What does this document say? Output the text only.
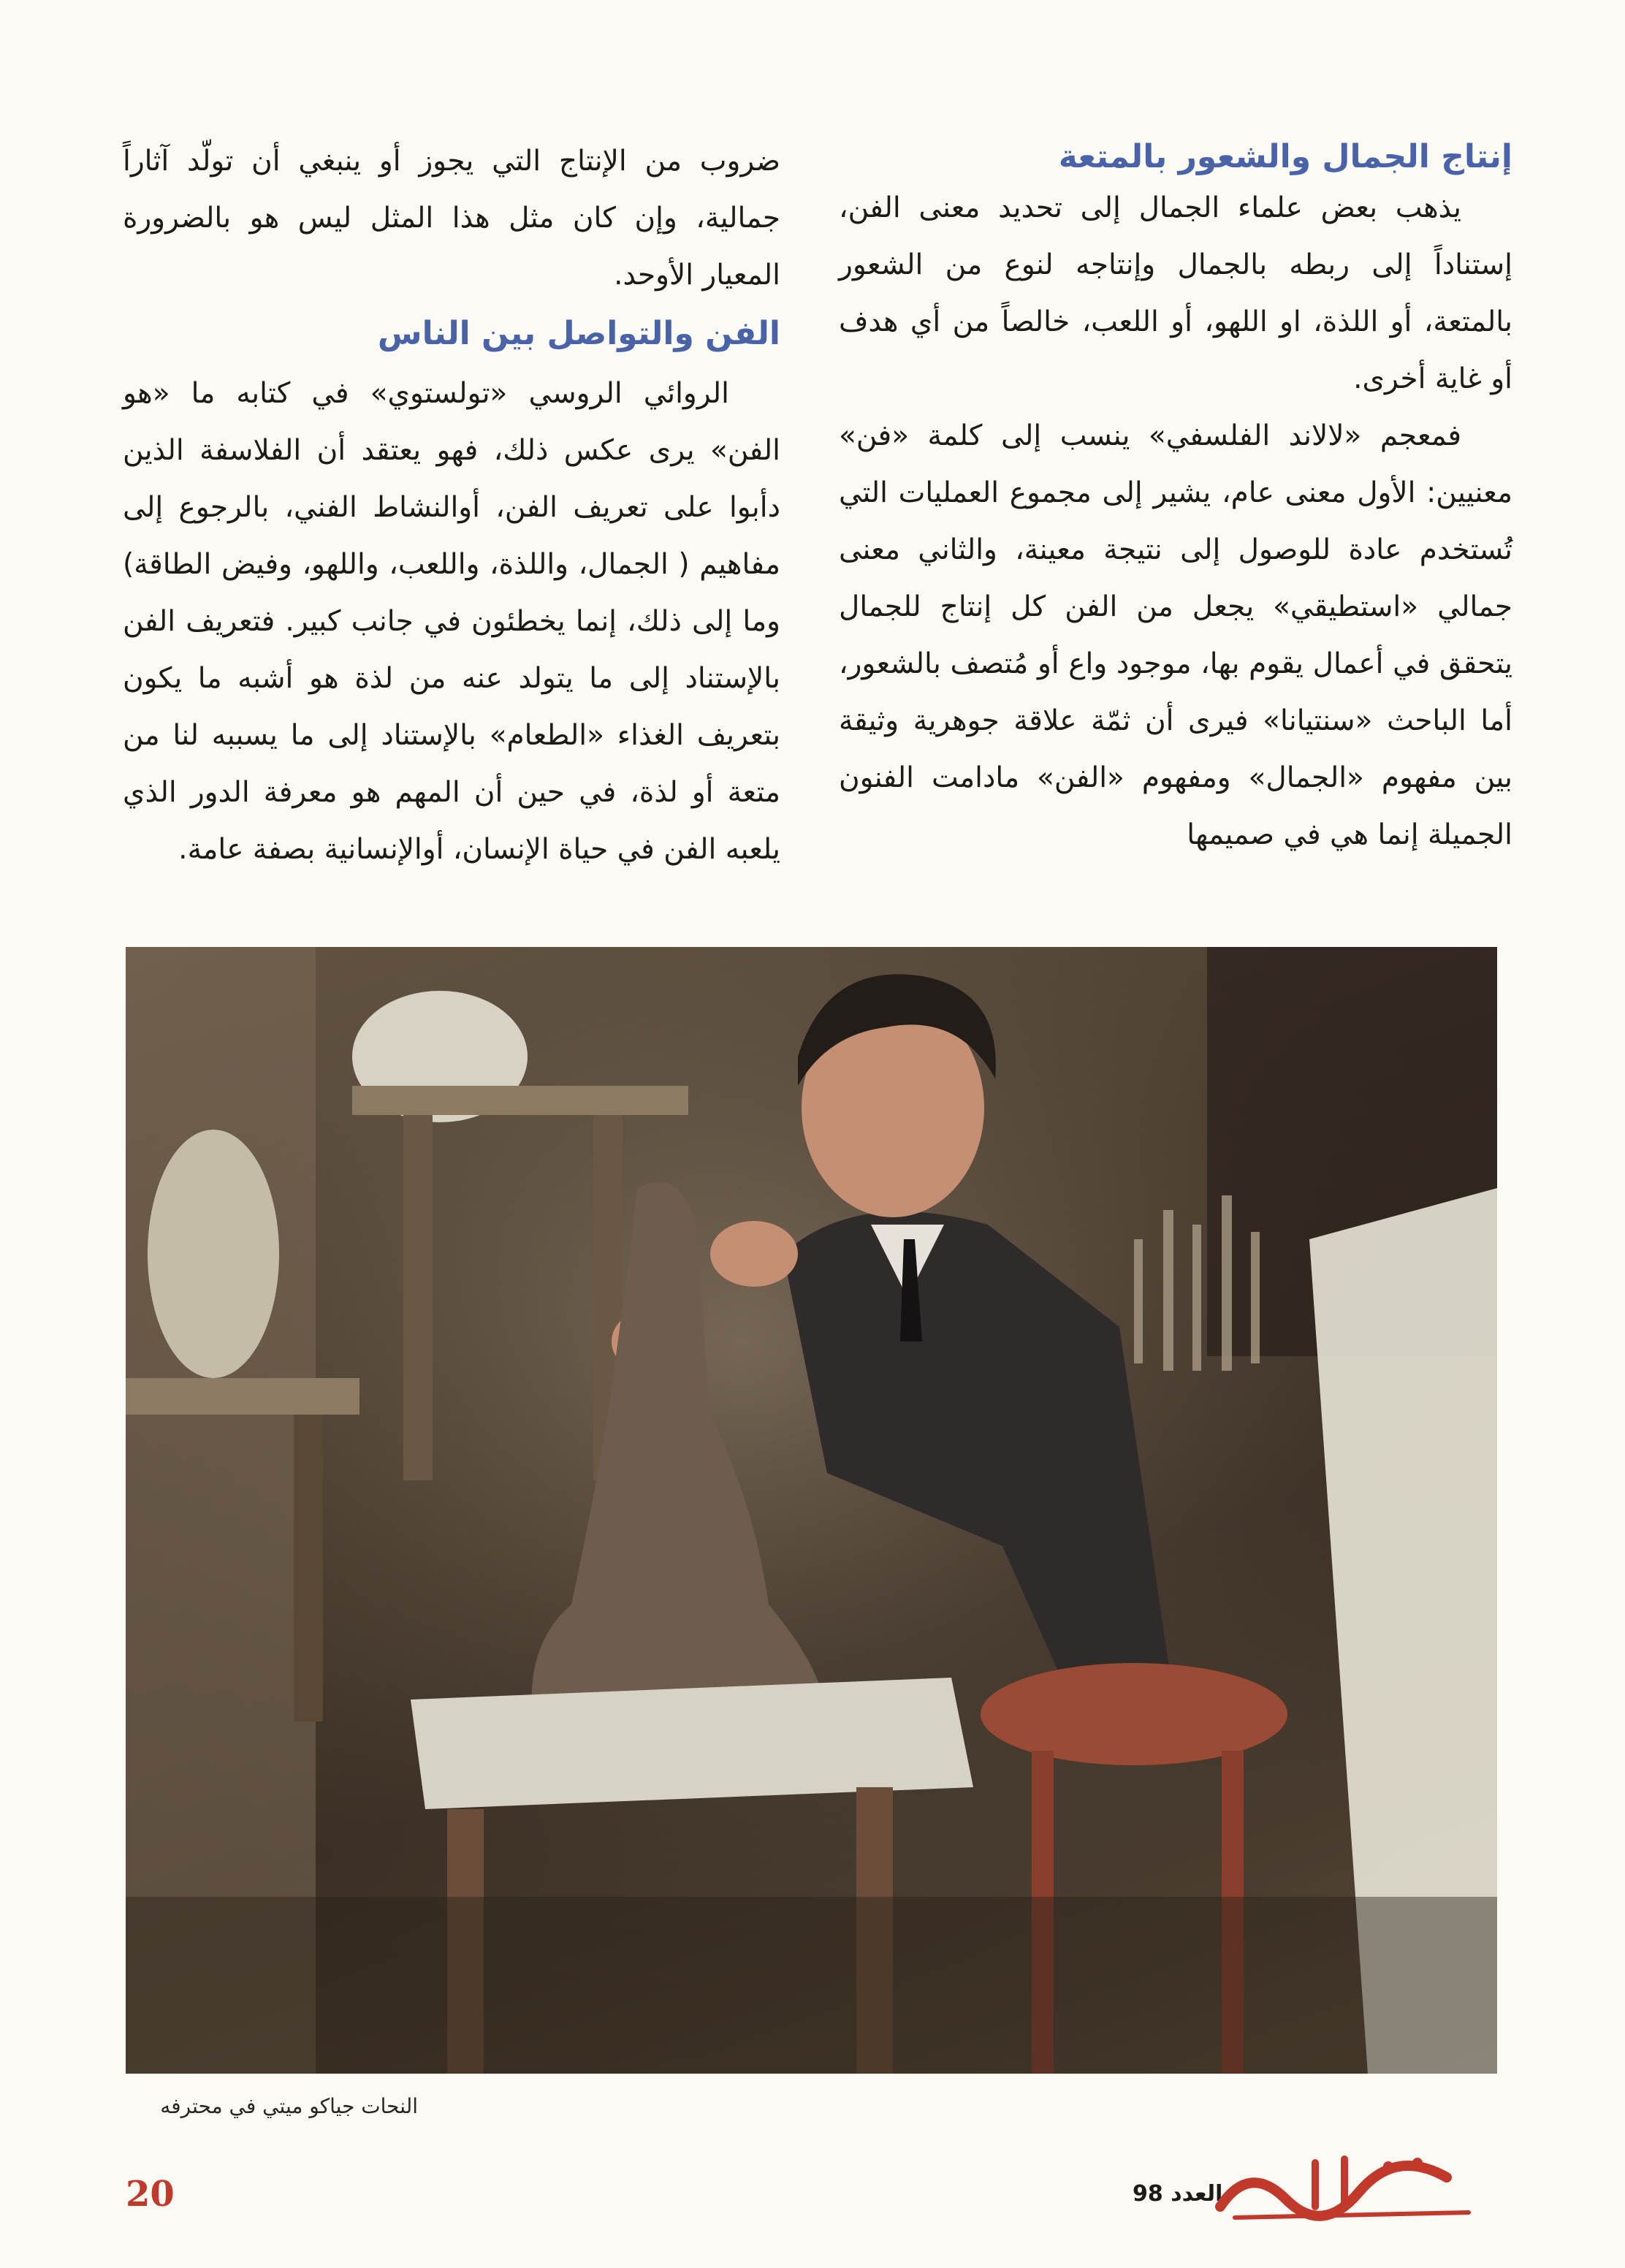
إنتاج الجمال والشعور بالمتعة

يذهب بعض علماء الجمال إلى تحديد معنى الفن، إستناداً إلى ربطه بالجمال وإنتاجه لنوع من الشعور بالمتعة، أو اللذة، او اللهو، أو اللعب، خالصاً من أي هدف أو غاية أخرى.

فمعجم «لالاند الفلسفي» ينسب إلى كلمة «فن» معنيين: الأول معنى عام، يشير إلى مجموع العمليات التي تُستخدم عادة للوصول إلى نتيجة معينة، والثاني معنى جمالي «استطيقي» يجعل من الفن كل إنتاج للجمال يتحقق في أعمال يقوم بها، موجود واع أو مُتصف بالشعور، أما الباحث «سنتيانا» فيرى أن ثمّة علاقة جوهرية وثيقة بين مفهوم «الجمال» ومفهوم «الفن» مادامت الفنون الجميلة إنما هي في صميمها

ضروب من الإنتاج التي يجوز أو ينبغي أن تولّد آثاراً جمالية، وإن كان مثل هذا المثل ليس هو بالضرورة المعيار الأوحد.

الفن والتواصل بين الناس

الروائي الروسي «تولستوي» في كتابه ما «هو الفن» يرى عكس ذلك، فهو يعتقد أن الفلاسفة الذين دأبوا على تعريف الفن، أوالنشاط الفني، بالرجوع إلى مفاهيم ( الجمال، واللذة، واللعب، واللهو، وفيض الطاقة) وما إلى ذلك، إنما يخطئون في جانب كبير. فتعريف الفن بالإستناد إلى ما يتولد عنه من لذة هو أشبه ما يكون بتعريف الغذاء «الطعام» بالإستناد إلى ما يسببه لنا من متعة أو لذة، في حين أن المهم هو معرفة الدور الذي يلعبه الفن في حياة الإنسان، أوالإنسانية بصفة عامة.

النحات جياكو ميتي في محترفه
20	العدد 98
